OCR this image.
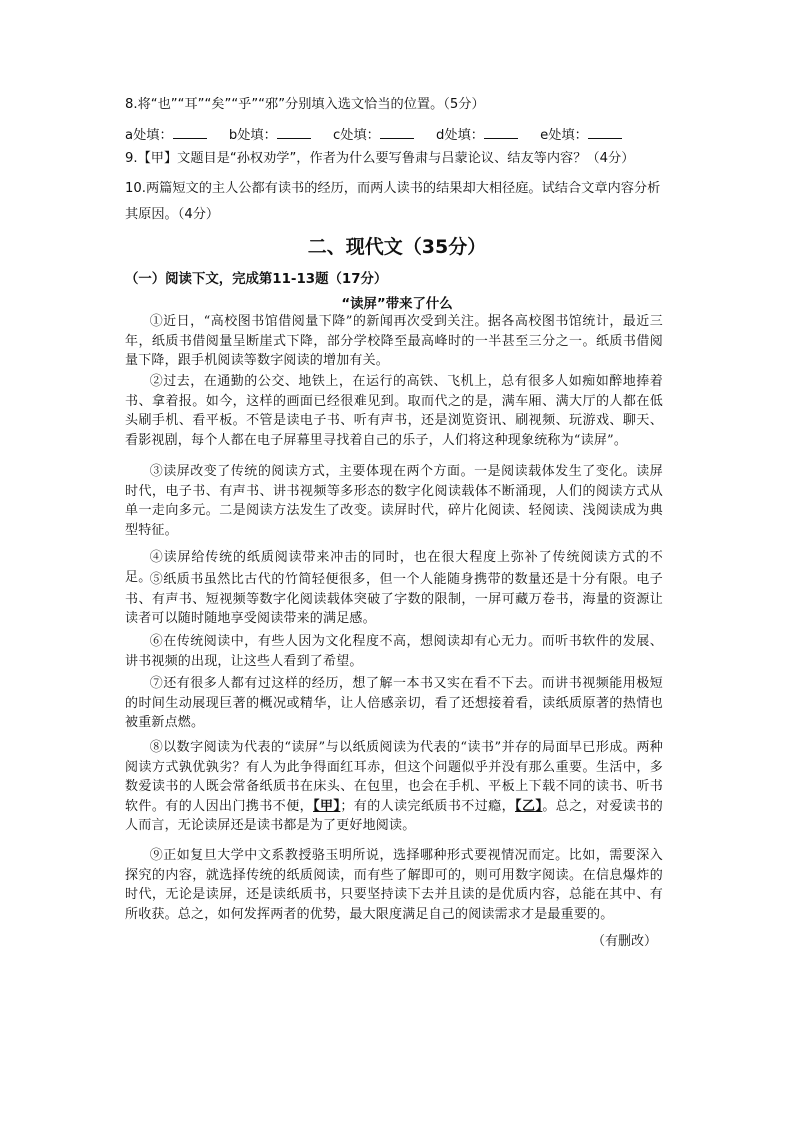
8.将“也”“耳”“矣”“乎”“邪”分别填入选文恰当的位置。（5分）
a处填：	b处填：	c处填：	d处填：	e处填：
9.【甲】文题目是“孙权劝学”，作者为什么要写鲁肃与吕蒙论议、结友等内容？（4分）
10.两篇短文的主人公都有读书的经历，而两人读书的结果却大相径庭。试结合文章内容分析其原因。（4分）
二、现代文（35分）
（一）阅读下文，完成第11-13题（17分）
“读屏”带来了什么
①近日，“高校图书馆借阅量下降”的新闻再次受到关注。据各高校图书馆统计，最近三年，纸质书借阅量呈断崖式下降，部分学校降至最高峰时的一半甚至三分之一。纸质书借阅量下降，跟手机阅读等数字阅读的增加有关。
②过去，在通勤的公交、地铁上，在运行的高铁、飞机上，总有很多人如痴如醉地捧着书、拿着报。如今，这样的画面已经很难见到。取而代之的是，满车厢、满大厅的人都在低头刷手机、看平板。不管是读电子书、听有声书，还是浏览资讯、刷视频、玩游戏、聊天、看影视剧，每个人都在电子屏幕里寻找着自己的乐子，人们将这种现象统称为“读屏”。
③读屏改变了传统的阅读方式，主要体现在两个方面。一是阅读载体发生了变化。读屏时代，电子书、有声书、讲书视频等多形态的数字化阅读载体不断涌现，人们的阅读方式从单一走向多元。二是阅读方法发生了改变。读屏时代，碎片化阅读、轻阅读、浅阅读成为典型特征。
④读屏给传统的纸质阅读带来冲击的同时，也在很大程度上弥补了传统阅读方式的不足。
⑤纸质书虽然比古代的竹简轻便很多，但一个人能随身携带的数量还是十分有限。电子书、有声书、短视频等数字化阅读载体突破了字数的限制，一屏可藏万卷书，海量的资源让读者可以随时随地享受阅读带来的满足感。
⑥在传统阅读中，有些人因为文化程度不高，想阅读却有心无力。而听书软件的发展、讲书视频的出现，让这些人看到了希望。
⑦还有很多人都有过这样的经历，想了解一本书又实在看不下去。而讲书视频能用极短的时间生动展现巨著的概况或精华，让人倍感亲切，看了还想接着看，读纸质原著的热情也被重新点燃。
⑧以数字阅读为代表的“读屏”与以纸质阅读为代表的“读书”并存的局面早已形成。两种阅读方式孰优孰劣？有人为此争得面红耳赤，但这个问题似乎并没有那么重要。生活中，多数爱读书的人既会常备纸质书在床头、在包里，也会在手机、平板上下载不同的读书、听书软件。有的人因出门携书不便，【甲】；有的人读完纸质书不过瘾，【乙】。总之，对爱读书的人而言，无论读屏还是读书都是为了更好地阅读。
⑨正如复旦大学中文系教授骆玉明所说，选择哪种形式要视情况而定。比如，需要深入探究的内容，就选择传统的纸质阅读，而有些了解即可的，则可用数字阅读。在信息爆炸的时代，无论是读屏，还是读纸质书，只要坚持读下去并且读的是优质内容，总能在其中、有所收获。总之，如何发挥两者的优势，最大限度满足自己的阅读需求才是最重要的。
（有删改）
